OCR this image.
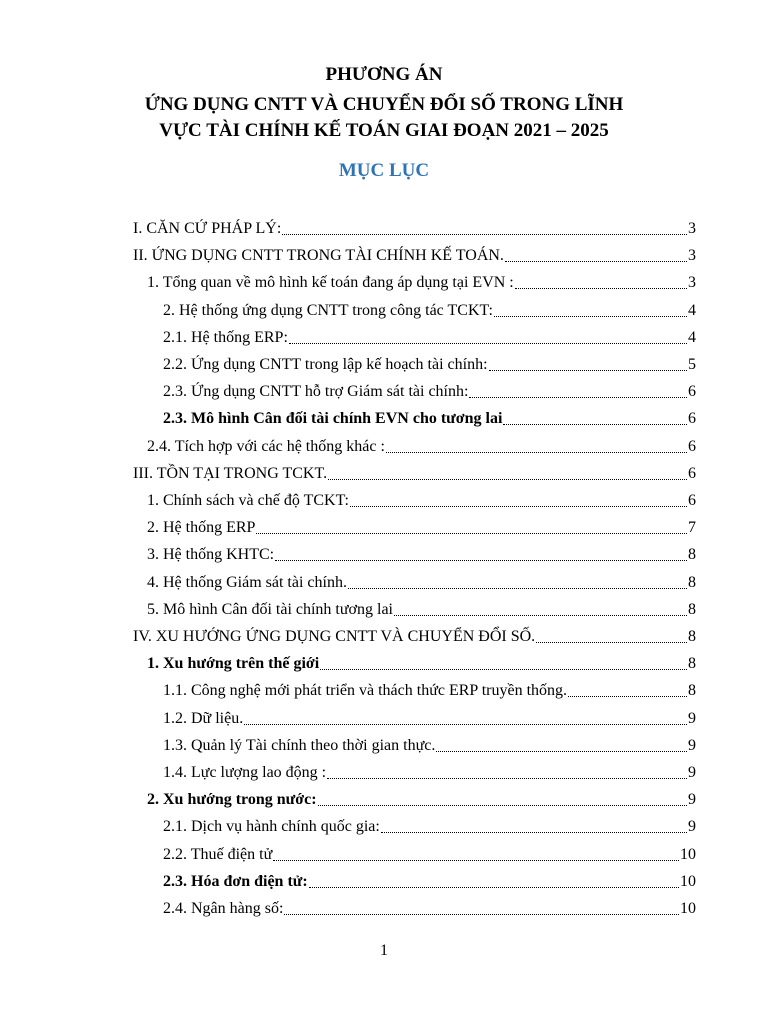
PHƯƠNG ÁN
ỨNG DỤNG CNTT VÀ CHUYỂN ĐỔI SỐ TRONG LĨNH
VỰC TÀI CHÍNH KẾ TOÁN GIAI ĐOẠN 2021 – 2025
MỤC LỤC
I. CĂN CỨ PHÁP LÝ:	3
II. ỨNG DỤNG CNTT TRONG TÀI CHÍNH KẾ TOÁN.	3
1. Tổng quan về mô hình kế toán đang áp dụng tại EVN :	3
2. Hệ thống ứng dụng CNTT trong công tác TCKT:	4
2.1. Hệ thống ERP:	4
2.2. Ứng dụng CNTT trong lập kế hoạch tài chính:	5
2.3. Ứng dụng CNTT hỗ trợ Giám sát tài chính:	6
2.3. Mô hình Cân đối tài chính EVN cho tương lai	6
2.4. Tích hợp với các hệ thống khác :	6
III. TỒN TẠI TRONG TCKT.	6
1. Chính sách và chế độ TCKT:	6
2. Hệ thống ERP	7
3. Hệ thống KHTC:	8
4. Hệ thống Giám sát tài chính.	8
5. Mô hình Cân đối tài chính tương lai	8
IV. XU HƯỚNG ỨNG DỤNG CNTT VÀ CHUYỂN ĐỔI SỐ.	8
1. Xu hướng trên thế giới	8
1.1. Công nghệ mới phát triển và thách thức ERP truyền thống.	8
1.2. Dữ liệu.	9
1.3. Quản lý Tài chính theo thời gian thực.	9
1.4. Lực lượng lao động :	9
2. Xu hướng trong nước:	9
2.1. Dịch vụ hành chính quốc gia:	9
2.2. Thuế điện tử	10
2.3. Hóa đơn điện tử:	10
2.4. Ngân hàng số:	10
1
